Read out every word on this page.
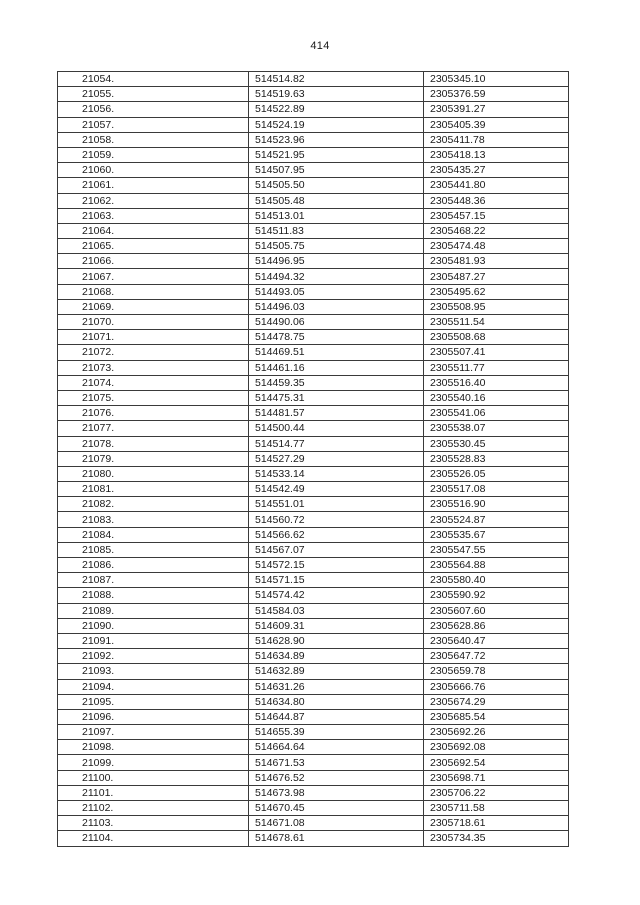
414
21054.	514514.82	2305345.10
21055.	514519.63	2305376.59
21056.	514522.89	2305391.27
21057.	514524.19	2305405.39
21058.	514523.96	2305411.78
21059.	514521.95	2305418.13
21060.	514507.95	2305435.27
21061.	514505.50	2305441.80
21062.	514505.48	2305448.36
21063.	514513.01	2305457.15
21064.	514511.83	2305468.22
21065.	514505.75	2305474.48
21066.	514496.95	2305481.93
21067.	514494.32	2305487.27
21068.	514493.05	2305495.62
21069.	514496.03	2305508.95
21070.	514490.06	2305511.54
21071.	514478.75	2305508.68
21072.	514469.51	2305507.41
21073.	514461.16	2305511.77
21074.	514459.35	2305516.40
21075.	514475.31	2305540.16
21076.	514481.57	2305541.06
21077.	514500.44	2305538.07
21078.	514514.77	2305530.45
21079.	514527.29	2305528.83
21080.	514533.14	2305526.05
21081.	514542.49	2305517.08
21082.	514551.01	2305516.90
21083.	514560.72	2305524.87
21084.	514566.62	2305535.67
21085.	514567.07	2305547.55
21086.	514572.15	2305564.88
21087.	514571.15	2305580.40
21088.	514574.42	2305590.92
21089.	514584.03	2305607.60
21090.	514609.31	2305628.86
21091.	514628.90	2305640.47
21092.	514634.89	2305647.72
21093.	514632.89	2305659.78
21094.	514631.26	2305666.76
21095.	514634.80	2305674.29
21096.	514644.87	2305685.54
21097.	514655.39	2305692.26
21098.	514664.64	2305692.08
21099.	514671.53	2305692.54
21100.	514676.52	2305698.71
21101.	514673.98	2305706.22
21102.	514670.45	2305711.58
21103.	514671.08	2305718.61
21104.	514678.61	2305734.35
